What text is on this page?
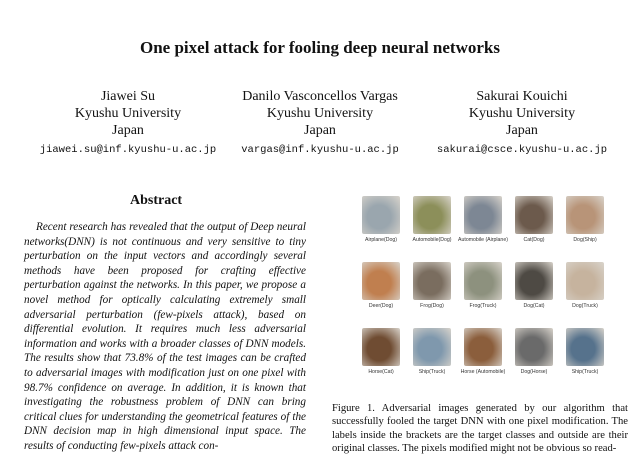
One pixel attack for fooling deep neural networks
Jiawei Su
Kyushu University
Japan
jiawei.su@inf.kyushu-u.ac.jp
Danilo Vasconcellos Vargas
Kyushu University
Japan
vargas@inf.kyushu-u.ac.jp
Sakurai Kouichi
Kyushu University
Japan
sakurai@csce.kyushu-u.ac.jp
Abstract
Recent research has revealed that the output of Deep neural networks(DNN) is not continuous and very sensitive to tiny perturbation on the input vectors and accordingly several methods have been proposed for crafting effective perturbation against the networks. In this paper, we propose a novel method for optically calculating extremely small adversarial perturbation (few-pixels attack), based on differential evolution. It requires much less adversarial information and works with a broader classes of DNN models. The results show that 73.8% of the test images can be crafted to adversarial images with modification just on one pixel with 98.7% confidence on average. In addition, it is known that investigating the robustness problem of DNN can bring critical clues for understanding the geometrical features of the DNN decision map in high dimensional input space. The results of conducting few-pixels attack con-
Airplane(Dog)	Automobile(Dog)	Automobile (Airplane)	Cat(Dog)	Dog(Ship)
Deer(Dog)	Frog(Dog)	Frog(Truck)	Dog(Cat)	Dog(Truck)
Horse(Cat)	Ship(Truck)	Horse (Automobile)	Dog(Horse)	Ship(Truck)
Figure 1. Adversarial images generated by our algorithm that successfully fooled the target DNN with one pixel modification. The labels inside the brackets are the target classes and outside are their original classes. The pixels modified might not be obvious so read-
